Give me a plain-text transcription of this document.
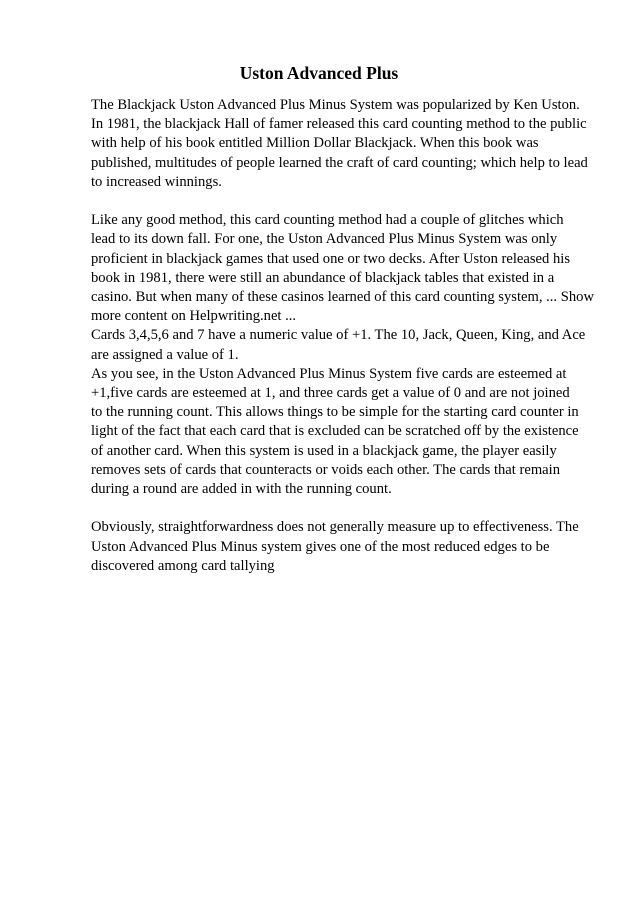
Uston Advanced Plus

The Blackjack Uston Advanced Plus Minus System was popularized by Ken Uston.
In 1981, the blackjack Hall of famer released this card counting method to the public
with help of his book entitled Million Dollar Blackjack. When this book was
published, multitudes of people learned the craft of card counting; which help to lead
to increased winnings.

Like any good method, this card counting method had a couple of glitches which
lead to its down fall. For one, the Uston Advanced Plus Minus System was only
proficient in blackjack games that used one or two decks. After Uston released his
book in 1981, there were still an abundance of blackjack tables that existed in a
casino. But when many of these casinos learned of this card counting system, ... Show
more content on Helpwriting.net ...
Cards 3,4,5,6 and 7 have a numeric value of +1. The 10, Jack, Queen, King, and Ace
are assigned a value of 1.
As you see, in the Uston Advanced Plus Minus System five cards are esteemed at
+1,five cards are esteemed at 1, and three cards get a value of 0 and are not joined
to the running count. This allows things to be simple for the starting card counter in
light of the fact that each card that is excluded can be scratched off by the existence
of another card. When this system is used in a blackjack game, the player easily
removes sets of cards that counteracts or voids each other. The cards that remain
during a round are added in with the running count.

Obviously, straightforwardness does not generally measure up to effectiveness. The
Uston Advanced Plus Minus system gives one of the most reduced edges to be
discovered among card tallying
